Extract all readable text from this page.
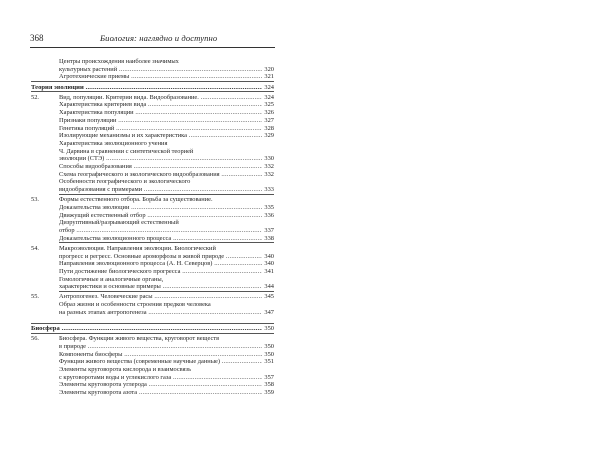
368	Биология: наглядно и доступно
Центры происхождения наиболее значимых
культурных растений .....	320
Агротехнические приемы .....	321
Теория эволюции .....	324
52.	Вид, популяции. Критерии вида. Видообразование. .....	324
Характеристика критериев вида .....	325
Характеристика популяции .....	326
Признаки популяции .....	327
Генетика популяций .....	328
Изолирующие механизмы и их характеристика .....	329
Характеристика эволюционного учения
Ч. Дарвина в сравнении с синтетической теорией
эволюции (СТЭ) .....	330
Способы видообразования .....	332
Схема географического и экологического видообразования .....	332
Особенности географического и экологического
видообразования с примерами .....	333
53.	Формы естественного отбора. Борьба за существование.
Доказательства эволюции .....	335
Движущий естественный отбор .....	336
Дизруптивный/разрывающий естественный
отбор .....	337
Доказательства эволюционного процесса .....	338
54.	Макроэволюция. Направления эволюции. Биологический
прогресс и регресс. Основные ароморфозы в живой природе .....	340
Направления эволюционного процесса (А. Н. Северцов) .....	340
Пути достижение биологического прогресса .....	341
Гомологичные и аналогичные органы,
характеристики и основные примеры .....	344
55.	Антропогенез. Человеческие расы .....	345
Образ жизни и особенности строения предков человека
на разных этапах антропогенеза .....	347
Биосфера .....	350
56.	Биосфера. Функции живого вещества, круговорот веществ
в природе .....	350
Компоненты биосферы .....	350
Функции живого вещества (современные научные данные) .....	351
Элементы круговорота кислорода и взаимосвязь
с круговоротами воды и углекислого газа .....	357
Элементы круговорота углерода .....	358
Элементы круговорота азота .....	359
